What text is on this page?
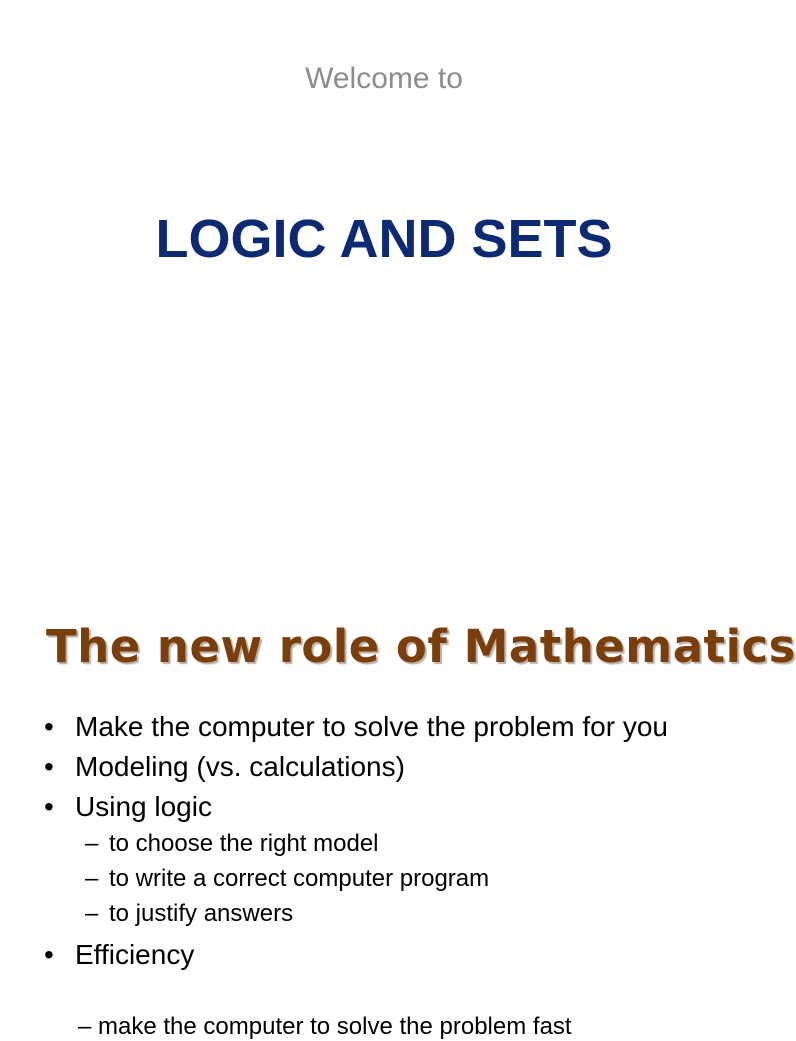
Welcome to
LOGIC AND SETS
The new role of Mathematics
• Make the computer to solve the problem for you
• Modeling (vs. calculations)
• Using logic
– to choose the right model
– to write a correct computer program
– to justify answers
• Efficiency
– make the computer to solve the problem fast
